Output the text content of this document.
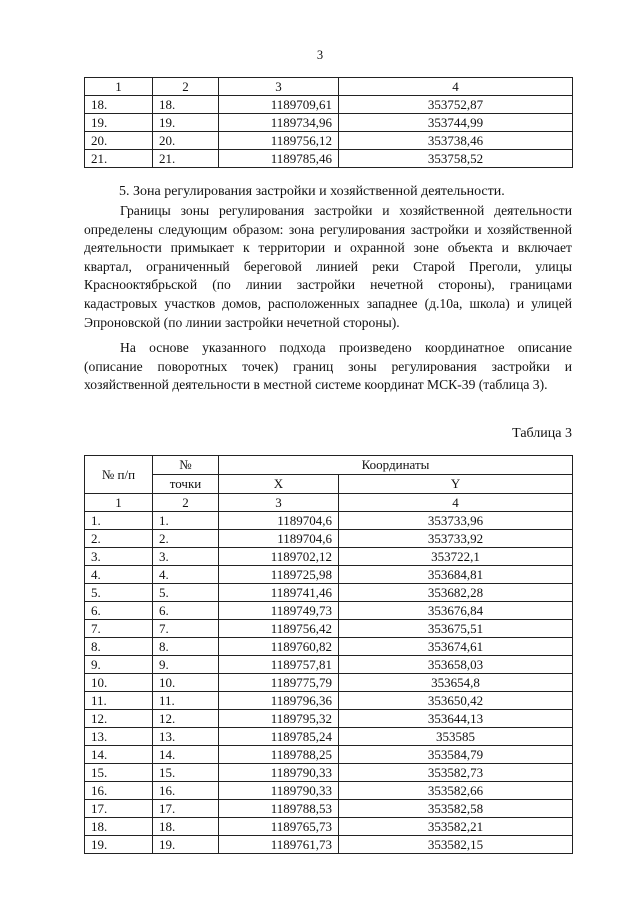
3
1	2	3	4
18.	18.	1189709,61	353752,87
19.	19.	1189734,96	353744,99
20.	20.	1189756,12	353738,46
21.	21.	1189785,46	353758,52
5. Зона регулирования застройки и хозяйственной деятельности.

Границы зоны регулирования застройки и хозяйственной деятельности определены следующим образом: зона регулирования застройки и хозяйственной деятельности примыкает к территории и охранной зоне объекта и включает квартал, ограниченный береговой линией реки Старой Преголи, улицы Краснооктябрьской (по линии застройки нечетной стороны), границами кадастровых участков домов, расположенных западнее (д.10а, школа) и улицей Эпроновской (по линии застройки нечетной стороны).

На основе указанного подхода произведено координатное описание (описание поворотных точек) границ зоны регулирования застройки и хозяйственной деятельности в местной системе координат МСК-39 (таблица 3).

Таблица 3
№ п/п	№	Координаты	
	точки	X	Y
1	2	3	4
1.	1.	1189704,6	353733,96
2.	2.	1189704,6	353733,92
3.	3.	1189702,12	353722,1
4.	4.	1189725,98	353684,81
5.	5.	1189741,46	353682,28
6.	6.	1189749,73	353676,84
7.	7.	1189756,42	353675,51
8.	8.	1189760,82	353674,61
9.	9.	1189757,81	353658,03
10.	10.	1189775,79	353654,8
11.	11.	1189796,36	353650,42
12.	12.	1189795,32	353644,13
13.	13.	1189785,24	353585
14.	14.	1189788,25	353584,79
15.	15.	1189790,33	353582,73
16.	16.	1189790,33	353582,66
17.	17.	1189788,53	353582,58
18.	18.	1189765,73	353582,21
19.	19.	1189761,73	353582,15
